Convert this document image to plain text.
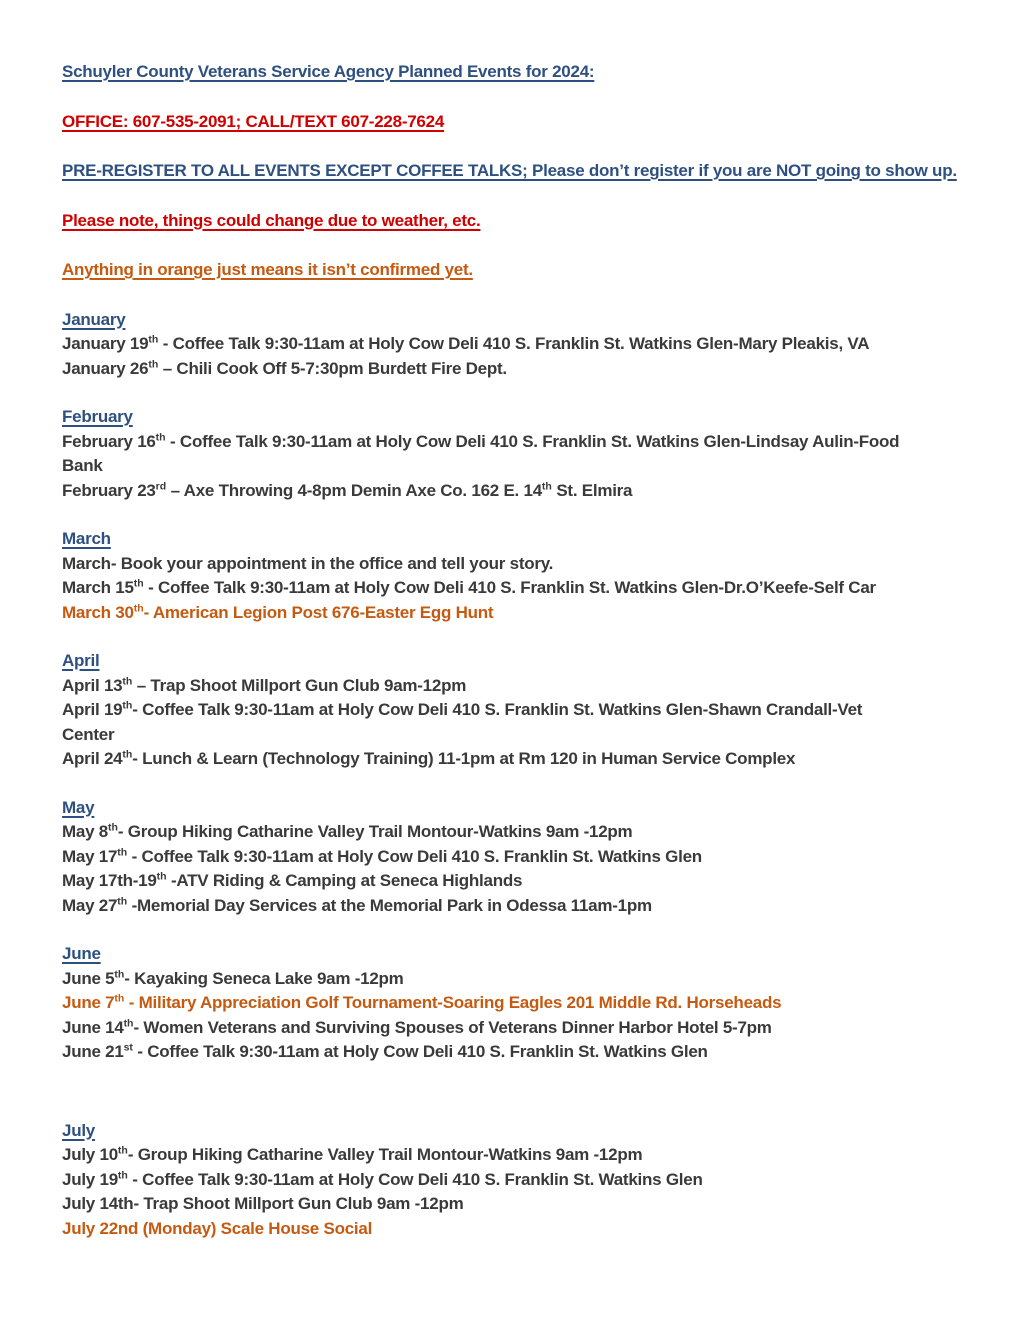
Schuyler County Veterans Service Agency Planned Events for 2024:
OFFICE: 607-535-2091; CALL/TEXT 607-228-7624
PRE-REGISTER TO ALL EVENTS EXCEPT COFFEE TALKS; Please don’t register if you are NOT going to show up.
Please note, things could change due to weather, etc.
Anything in orange just means it isn’t confirmed yet.
January
January 19th - Coffee Talk 9:30-11am at Holy Cow Deli 410 S. Franklin St. Watkins Glen-Mary Pleakis, VA
January 26th – Chili Cook Off 5-7:30pm Burdett Fire Dept.
February
February 16th - Coffee Talk 9:30-11am at Holy Cow Deli 410 S. Franklin St. Watkins Glen-Lindsay Aulin-Food
Bank
February 23rd – Axe Throwing 4-8pm Demin Axe Co. 162 E. 14th St. Elmira
March
March- Book your appointment in the office and tell your story.
March 15th - Coffee Talk 9:30-11am at Holy Cow Deli 410 S. Franklin St. Watkins Glen-Dr.O’Keefe-Self Car
March 30th- American Legion Post 676-Easter Egg Hunt
April
April 13th – Trap Shoot Millport Gun Club 9am-12pm
April 19th- Coffee Talk 9:30-11am at Holy Cow Deli 410 S. Franklin St. Watkins Glen-Shawn Crandall-Vet
Center
April 24th- Lunch & Learn (Technology Training) 11-1pm at Rm 120 in Human Service Complex
May
May 8th- Group Hiking Catharine Valley Trail Montour-Watkins 9am -12pm
May 17th - Coffee Talk 9:30-11am at Holy Cow Deli 410 S. Franklin St. Watkins Glen
May 17th-19th -ATV Riding & Camping at Seneca Highlands
May 27th -Memorial Day Services at the Memorial Park in Odessa 11am-1pm
June
June 5th- Kayaking Seneca Lake 9am -12pm
June 7th - Military Appreciation Golf Tournament-Soaring Eagles 201 Middle Rd. Horseheads
June 14th- Women Veterans and Surviving Spouses of Veterans Dinner Harbor Hotel 5-7pm
June 21st - Coffee Talk 9:30-11am at Holy Cow Deli 410 S. Franklin St. Watkins Glen
July
July 10th- Group Hiking Catharine Valley Trail Montour-Watkins 9am -12pm
July 19th - Coffee Talk 9:30-11am at Holy Cow Deli 410 S. Franklin St. Watkins Glen
July 14th- Trap Shoot Millport Gun Club 9am -12pm
July 22nd (Monday) Scale House Social
